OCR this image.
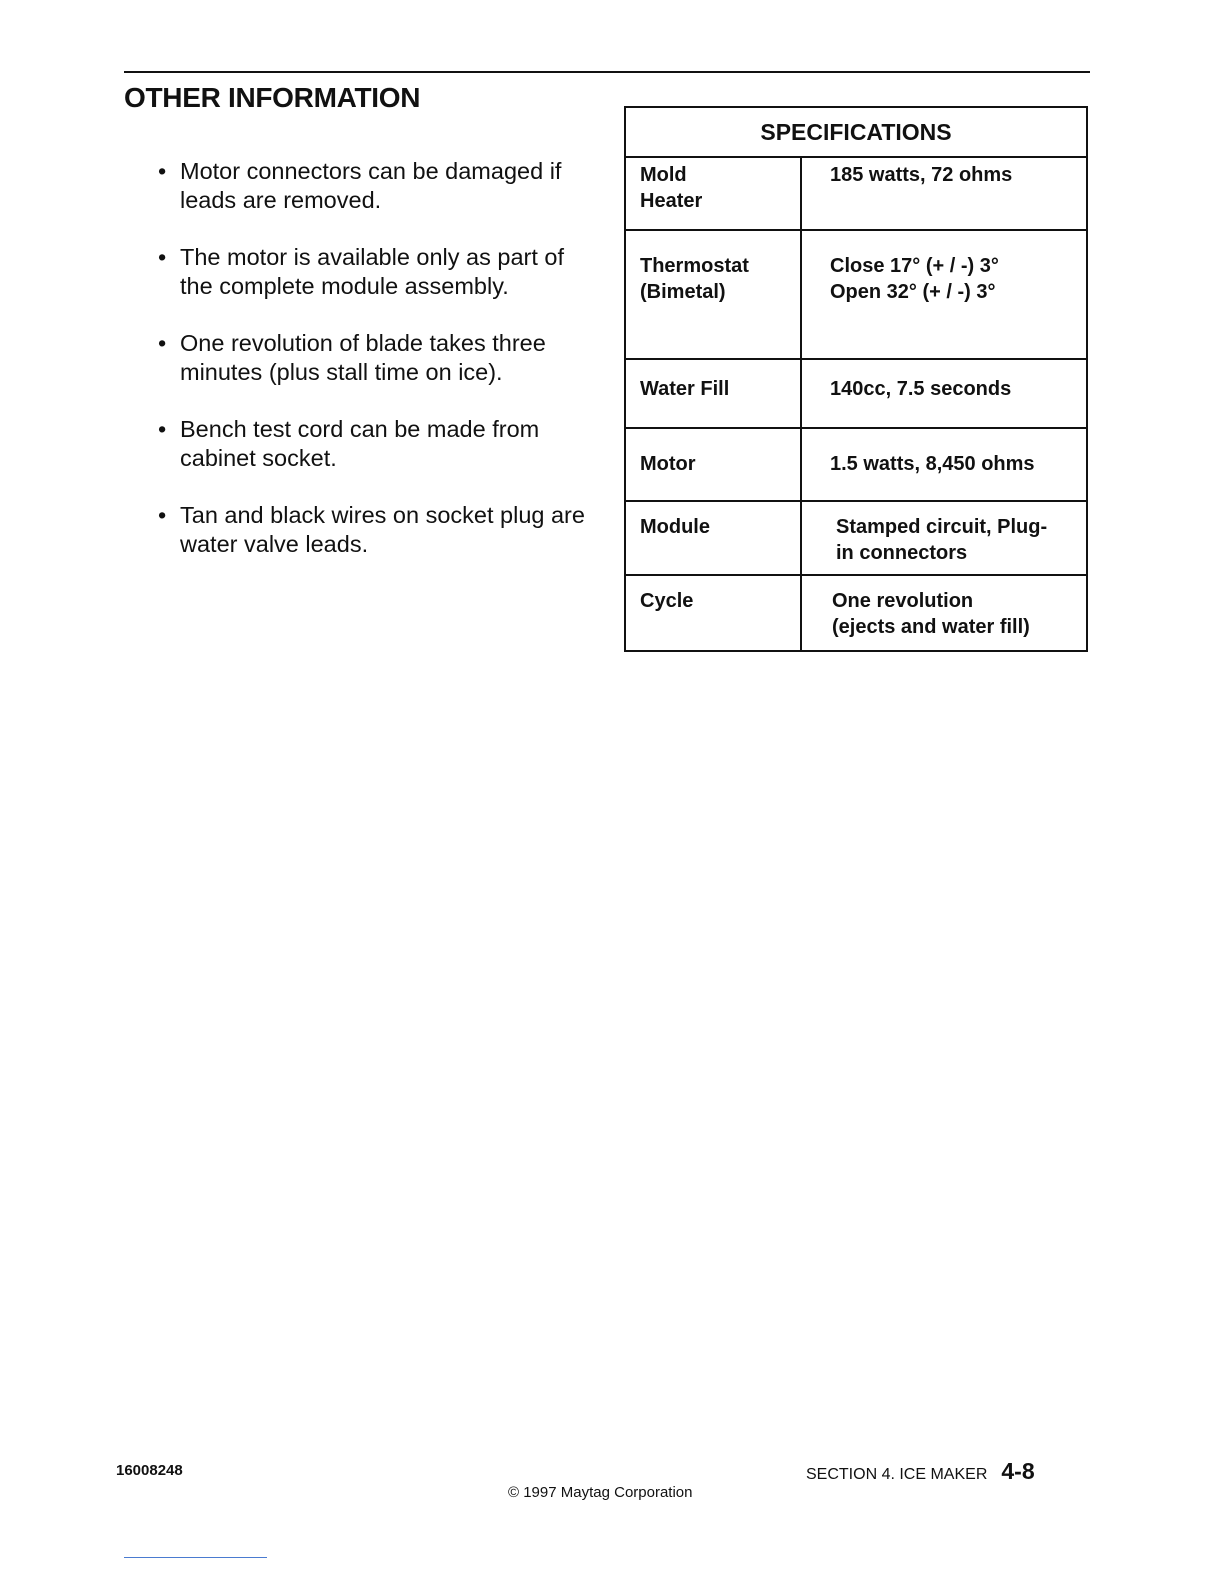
OTHER INFORMATION
• Motor connectors can be damaged if leads are removed.
• The motor is available only as part of the complete module assembly.
• One revolution of blade takes three minutes (plus stall time on ice).
• Bench test cord can be made from cabinet socket.
• Tan and black wires on socket plug are water valve leads.
SPECIFICATIONS	
Mold
Heater	185 watts, 72 ohms
Thermostat
(Bimetal)	Close 17° (+ / -) 3°
Open 32° (+ / -) 3°
Water Fill	140cc, 7.5 seconds
Motor	1.5 watts, 8,450 ohms
Module	Stamped circuit, Plug-
in connectors
Cycle	One revolution
(ejects and water fill)
16008248
© 1997 Maytag Corporation
SECTION 4. ICE MAKER 4-8
